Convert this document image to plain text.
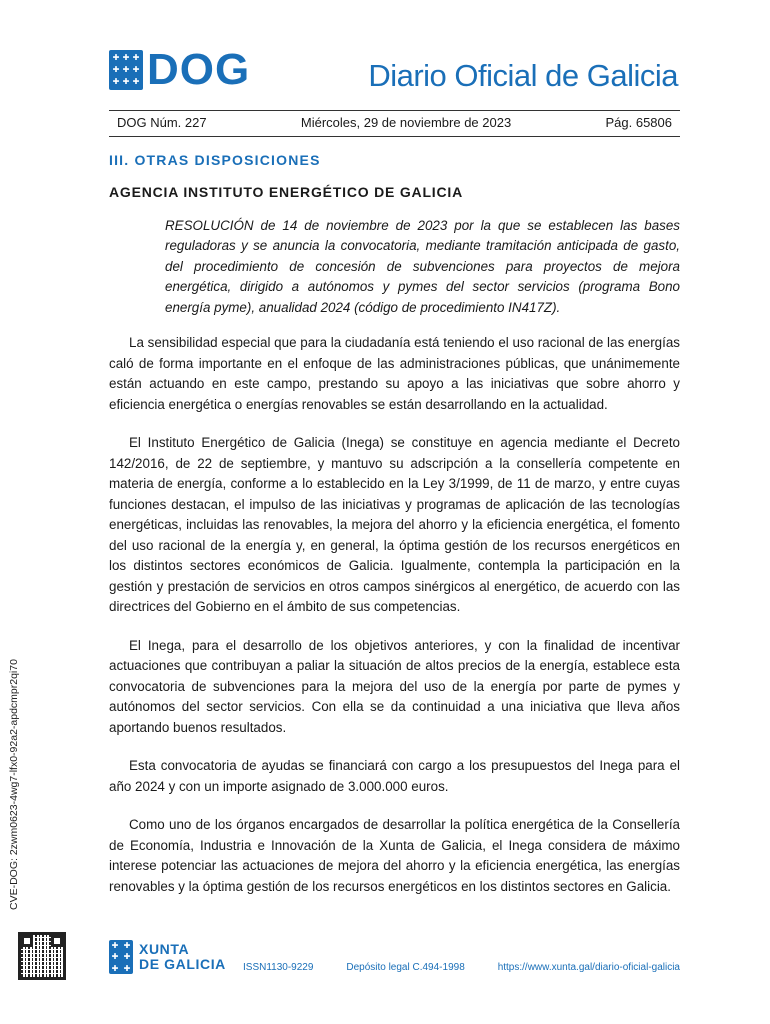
✚ ✚ ✚
✚ ✚ ✚
✚ ✚ ✚ DOG	Diario Oficial de Galicia
DOG Núm. 227	Miércoles, 29 de noviembre de 2023	Pág. 65806
III. OTRAS DISPOSICIONES
AGENCIA INSTITUTO ENERGÉTICO DE GALICIA
RESOLUCIÓN de 14 de noviembre de 2023 por la que se establecen las bases reguladoras y se anuncia la convocatoria, mediante tramitación anticipada de gasto, del procedimiento de concesión de subvenciones para proyectos de mejora energética, dirigido a autónomos y pymes del sector servicios (programa Bono energía pyme), anualidad 2024 (código de procedimiento IN417Z).

La sensibilidad especial que para la ciudadanía está teniendo el uso racional de las energías caló de forma importante en el enfoque de las administraciones públicas, que unánimemente están actuando en este campo, prestando su apoyo a las iniciativas que sobre ahorro y eficiencia energética o energías renovables se están desarrollando en la actualidad.

El Instituto Energético de Galicia (Inega) se constituye en agencia mediante el Decreto 142/2016, de 22 de septiembre, y mantuvo su adscripción a la consellería competente en materia de energía, conforme a lo establecido en la Ley 3/1999, de 11 de marzo, y entre cuyas funciones destacan, el impulso de las iniciativas y programas de aplicación de las tecnologías energéticas, incluidas las renovables, la mejora del ahorro y la eficiencia energética, el fomento del uso racional de la energía y, en general, la óptima gestión de los recursos energéticos en los distintos sectores económicos de Galicia. Igualmente, contempla la participación en la gestión y prestación de servicios en otros campos sinérgicos al energético, de acuerdo con las directrices del Gobierno en el ámbito de sus competencias.

El Inega, para el desarrollo de los objetivos anteriores, y con la finalidad de incentivar actuaciones que contribuyan a paliar la situación de altos precios de la energía, establece esta convocatoria de subvenciones para la mejora del uso de la energía por parte de pymes y autónomos del sector servicios. Con ella se da continuidad a una iniciativa que lleva años aportando buenos resultados.

Esta convocatoria de ayudas se financiará con cargo a los presupuestos del Inega para el año 2024 y con un importe asignado de 3.000.000 euros.

Como uno de los órganos encargados de desarrollar la política energética de la Consellería de Economía, Industria e Innovación de la Xunta de Galicia, el Inega considera de máximo interese potenciar las actuaciones de mejora del ahorro y la eficiencia energética, las energías renovables y la óptima gestión de los recursos energéticos en los distintos sectores en Galicia.

CVE-DOG: 2zwm0623-4wg7-lfx0-92a2-apdcmpr2qi70
✚ ✚
✚ ✚
✚ ✚
XUNTA
DE GALICIA ISSN1130-9229	Depósito legal C.494-1998	https://www.xunta.gal/diario-oficial-galicia
